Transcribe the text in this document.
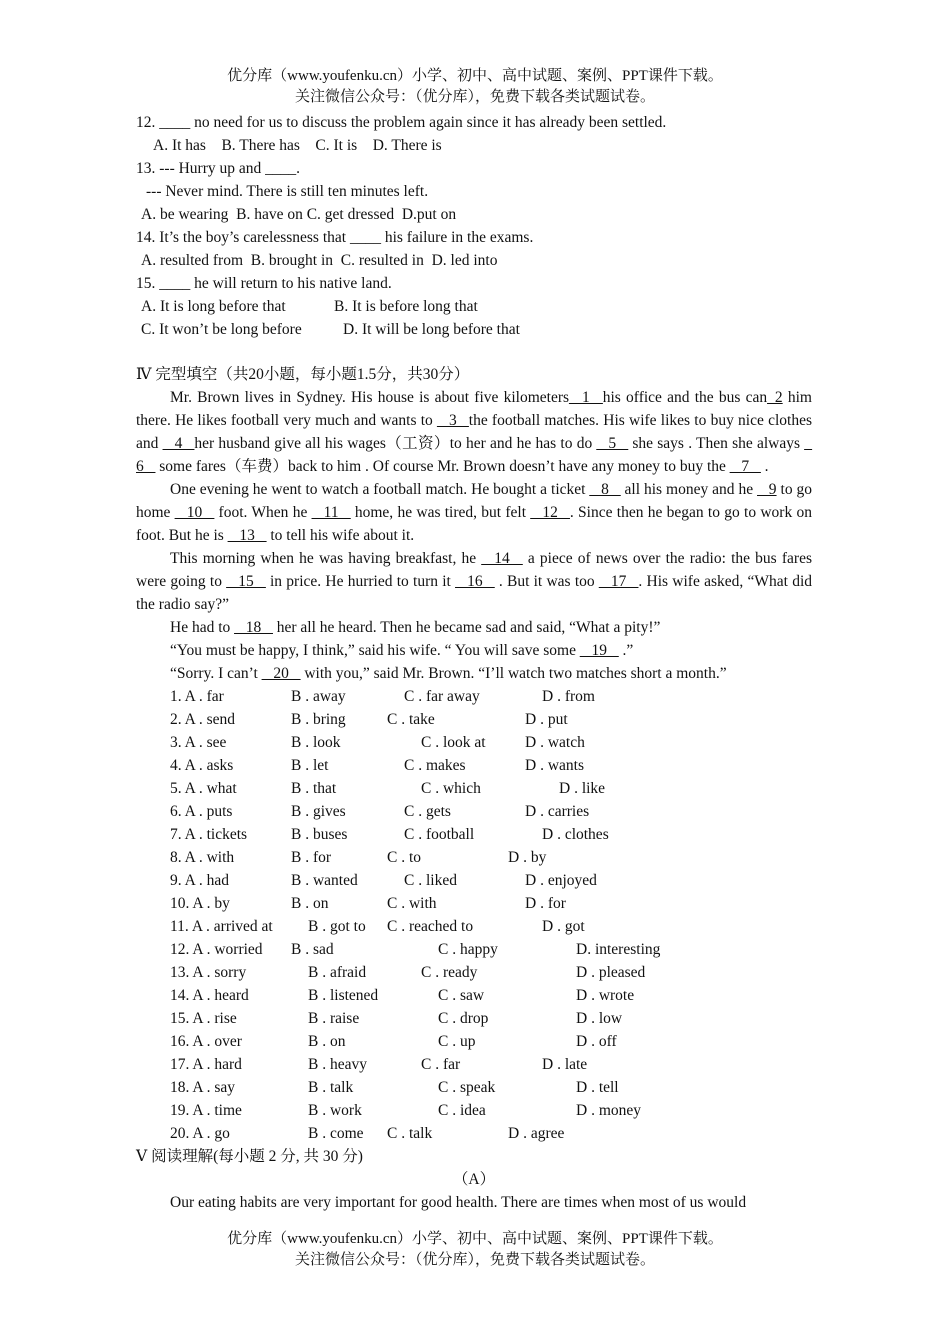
优分库（www.youfenku.cn）小学、初中、高中试题、案例、PPT课件下载。
关注微信公众号：（优分库），免费下载各类试题试卷。
12. ____ no need for us to discuss the problem again since it has already been settled.
A. It has    B. There has    C. It is    D. There is
13. --- Hurry up and ____.
--- Never mind. There is still ten minutes left.
A. be wearing  B. have on C. get dressed  D.put on
14. It’s the boy’s carelessness that ____ his failure in the exams.
A. resulted from  B. brought in  C. resulted in  D. led into
15. ____ he will return to his native land.
A. It is long before that	B. It is before long that
C. It won’t be long before	D. It will be long before that
Ⅳ 完型填空（共20小题，每小题1.5分，共30分）

Mr. Brown lives in Sydney. His house is about five kilometers_ 1 _his office and the bus can_2 him there. He likes football very much and wants to _ 3 _the football matches. His wife likes to buy nice clothes and _ 4 _her husband give all his wages（工资）to her and he has to do _ 5 _ she says . Then she always _ 6 _ some fares（车费）back to him . Of course Mr. Brown doesn’t have any money to buy the _ 7 _ .

One evening he went to watch a football match. He bought a ticket _ 8 _ all his money and he _ 9 to go home _ 10 _ foot. When he _ 11 _ home, he was tired, but felt _ 12 _. Since then he began to go to work on foot. But he is _ 13 _ to tell his wife about it.

This morning when he was having breakfast, he _ 14 _ a piece of news over the radio: the bus fares were going to _ 15 _ in price. He hurried to turn it _ 16 _ . But it was too _ 17 _. His wife asked, “What did the radio say?”

He had to _ 18 _ her all he heard. Then he became sad and said, “What a pity!”

“You must be happy, I think,” said his wife. “ You will save some _ 19 _ .”

“Sorry. I can’t _ 20 _ with you,” said Mr. Brown. “I’ll watch two matches short a month.”

1. A . far	B . away	C . far away	D . from
2. A . send	B . bring	C . take	D . put
3. A . see	B . look	C . look at	D . watch
4. A . asks	B . let	C . makes	D . wants
5. A . what	B . that	C . which	D . like
6. A . puts	B . gives	C . gets	D . carries
7. A . tickets	B . buses	C . football	D . clothes
8. A . with	B . for	C . to	D . by
9. A . had	B . wanted	C . liked	D . enjoyed
10. A . by	B . on	C . with	D . for
11. A . arrived at B . got to C . reached to	D . got
12. A . worried B . sad	C . happy	D. interesting
13. A . sorry	B . afraid	C . ready	D . pleased
14. A . heard	B . listened	C . saw	D . wrote
15. A . rise	B . raise	C . drop	D . low
16. A . over	B . on	C . up	D . off
17. A . hard	B . heavy	C . far	D . late
18. A . say	B . talk	C . speak	D . tell
19. A . time	B . work	C . idea	D . money
20. A . go	B . come C . talk	D . agree
Ⅴ 阅读理解(每小题 2 分, 共 30 分)
（A）

Our eating habits are very important for good health. There are times when most of us would

优分库（www.youfenku.cn）小学、初中、高中试题、案例、PPT课件下载。
关注微信公众号：（优分库），免费下载各类试题试卷。
